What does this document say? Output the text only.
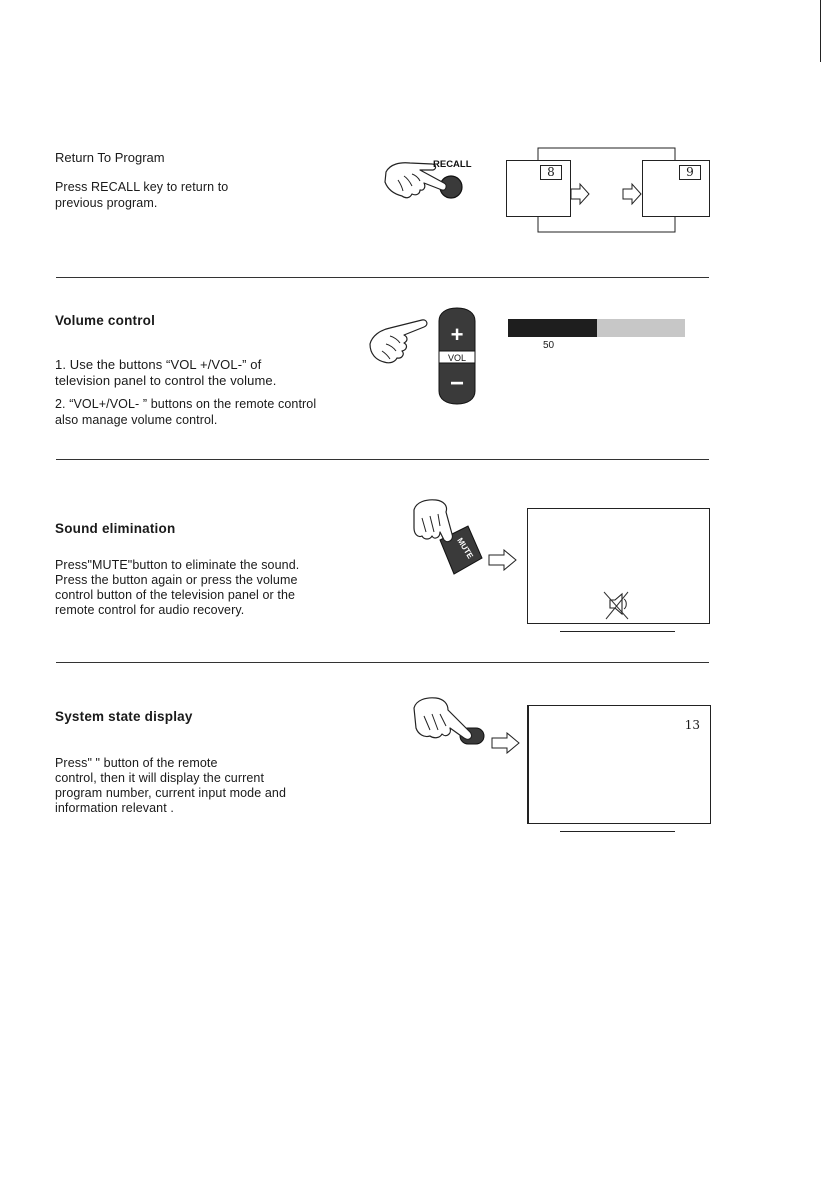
Return To Program
Press RECALL key to return to
previous program.
RECALL
8	9
Volume control
1. Use the buttons “VOL +/VOL-” of
television panel to control the volume.
2. “VOL+/VOL- ” buttons on the remote control
also manage volume control.
+
−
VOL
50
Sound elimination
Press"MUTE"button to eliminate the sound.
Press the button again or press the volume
control button of the television panel or the
remote control for audio recovery.
MUTE
System state display
Press" " button of the remote
control, then it will display the current
program number, current input mode and
information relevant .
13
